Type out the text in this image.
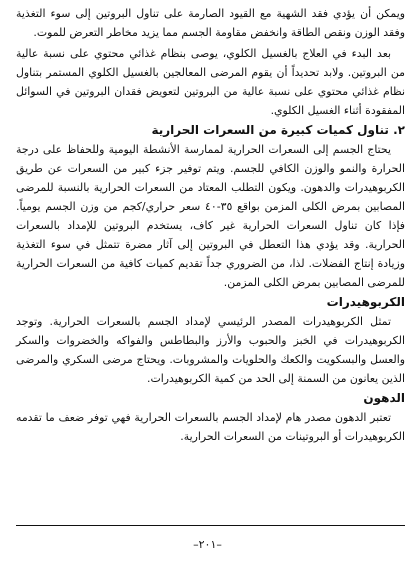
ويمكن أن يؤدي فقد الشهية مع القيود الصارمة على تناول البروتين إلى سوء التغذية وفقد الوزن ونقص الطاقة وانخفض مقاومة الجسم مما يزيد مخاطر التعرض للموت.

بعد البدء في العلاج بالغسيل الكلوي، يوصى بنظام غذائي محتوي على نسبة عالية من البروتين. ولابد تحديداً أن يقوم المرضى المعالجين بالغسيل الكلوي المستمر بتناول نظام غذائي محتوي على نسبة عالية من البروتين لتعويض فقدان البروتين في السوائل المفقودة أثناء الغسيل الكلوي.

٢. تناول كميات كبيرة من السعرات الحرارية

يحتاج الجسم إلى السعرات الحرارية لممارسة الأنشطة اليومية وللحفاظ على درجة الحرارة والنمو والوزن الكافي للجسم. ويتم توفير جزء كبير من السعرات عن طريق الكربوهيدرات والدهون. ويكون التطلب المعتاد من السعرات الحرارية بالنسبة للمرضى المصابين بمرض الكلى المزمن بواقع ٣٥-٤٠ سعر حراري/كجم من وزن الجسم يومياً. فإذا كان تناول السعرات الحرارية غير كاف، يستخدم البروتين للإمداد بالسعرات الحرارية. وقد يؤدي هذا التعطل في البروتين إلى آثار مضرة تتمثل في سوء التغذية وزيادة إنتاج الفضلات. لذا، من الضروري جداً تقديم كميات كافية من السعرات الحرارية للمرضى المصابين بمرض الكلى المزمن.

الكربوهيدرات

تمثل الكربوهيدرات المصدر الرئيسي لإمداد الجسم بالسعرات الحرارية. وتوجد الكربوهيدرات في الخبز والحبوب والأرز والبطاطس والفواكه والخضروات والسكر والعسل والبسكويت والكعك والحلويات والمشروبات. ويحتاج مرضى السكري والمرضى الذين يعانون من السمنة إلى الحد من كمية الكربوهيدرات.

الدهون

تعتبر الدهون مصدر هام لإمداد الجسم بالسعرات الحرارية فهي توفر ضعف ما تقدمه الكربوهيدرات أو البروتينات من السعرات الحرارية.

–٢٠١–
